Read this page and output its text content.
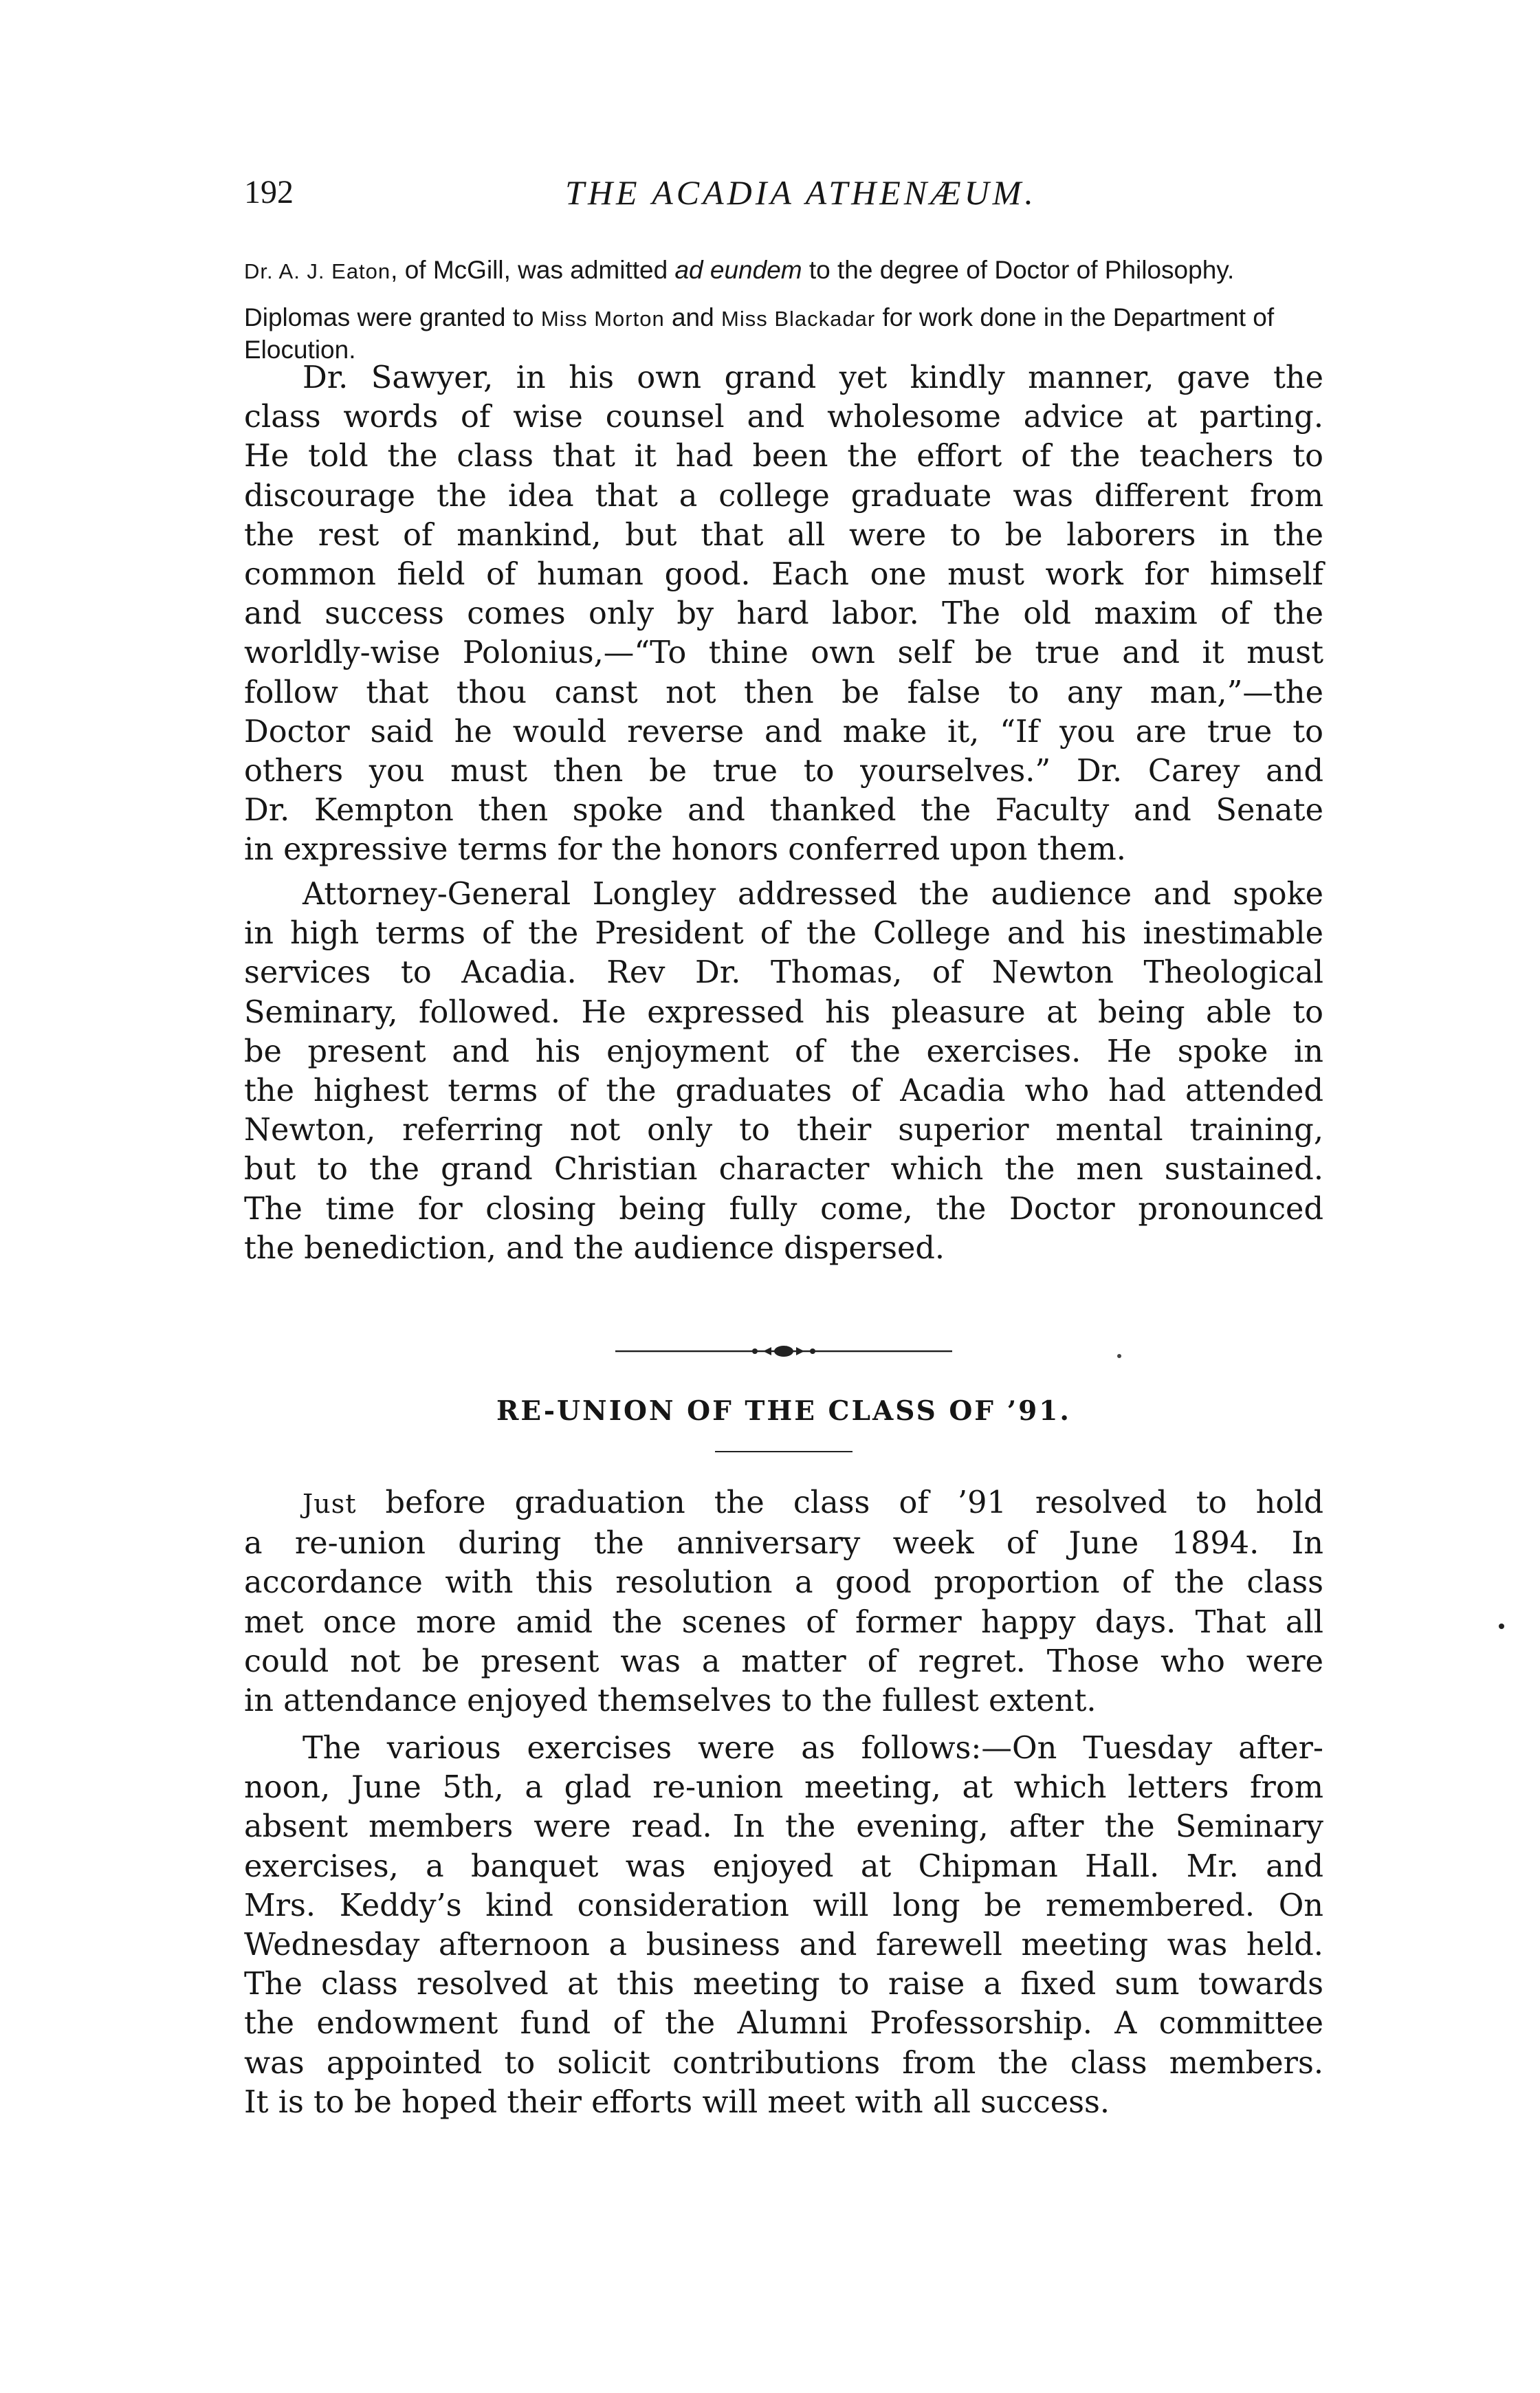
192	THE ACADIA ATHENÆUM.

Dr. A. J. Eaton, of McGill, was admitted ad eundem to the degree of Doctor of Philosophy.

Diplomas were granted to Miss Morton and Miss Blackadar for work done in the Department of Elocution.

Dr. Sawyer, in his own grand yet kindly manner, gave the
class words of wise counsel and wholesome advice at parting.
He told the class that it had been the effort of the teachers to
discourage the idea that a college graduate was different from
the rest of mankind, but that all were to be laborers in the
common field of human good. Each one must work for himself
and success comes only by hard labor. The old maxim of the
worldly-wise Polonius,—“To thine own self be true and it must
follow that thou canst not then be false to any man,”—the
Doctor said he would reverse and make it, “If you are true to
others you must then be true to yourselves.” Dr. Carey and
Dr. Kempton then spoke and thanked the Faculty and Senate
in expressive terms for the honors conferred upon them.

Attorney-General Longley addressed the audience and spoke
in high terms of the President of the College and his inestimable
services to Acadia. Rev Dr. Thomas, of Newton Theological
Seminary, followed. He expressed his pleasure at being able to
be present and his enjoyment of the exercises. He spoke in
the highest terms of the graduates of Acadia who had attended
Newton, referring not only to their superior mental training,
but to the grand Christian character which the men sustained.
The time for closing being fully come, the Doctor pronounced
the benediction, and the audience dispersed.

RE-UNION OF THE CLASS OF ’91.

Just before graduation the class of ’91 resolved to hold
a re-union during the anniversary week of June 1894. In
accordance with this resolution a good proportion of the class
met once more amid the scenes of former happy days. That all
could not be present was a matter of regret. Those who were
in attendance enjoyed themselves to the fullest extent.

The various exercises were as follows:—On Tuesday after-
noon, June 5th, a glad re-union meeting, at which letters from
absent members were read. In the evening, after the Seminary
exercises, a banquet was enjoyed at Chipman Hall. Mr. and
Mrs. Keddy’s kind consideration will long be remembered. On
Wednesday afternoon a business and farewell meeting was held.
The class resolved at this meeting to raise a fixed sum towards
the endowment fund of the Alumni Professorship. A committee
was appointed to solicit contributions from the class members.
It is to be hoped their efforts will meet with all success.
